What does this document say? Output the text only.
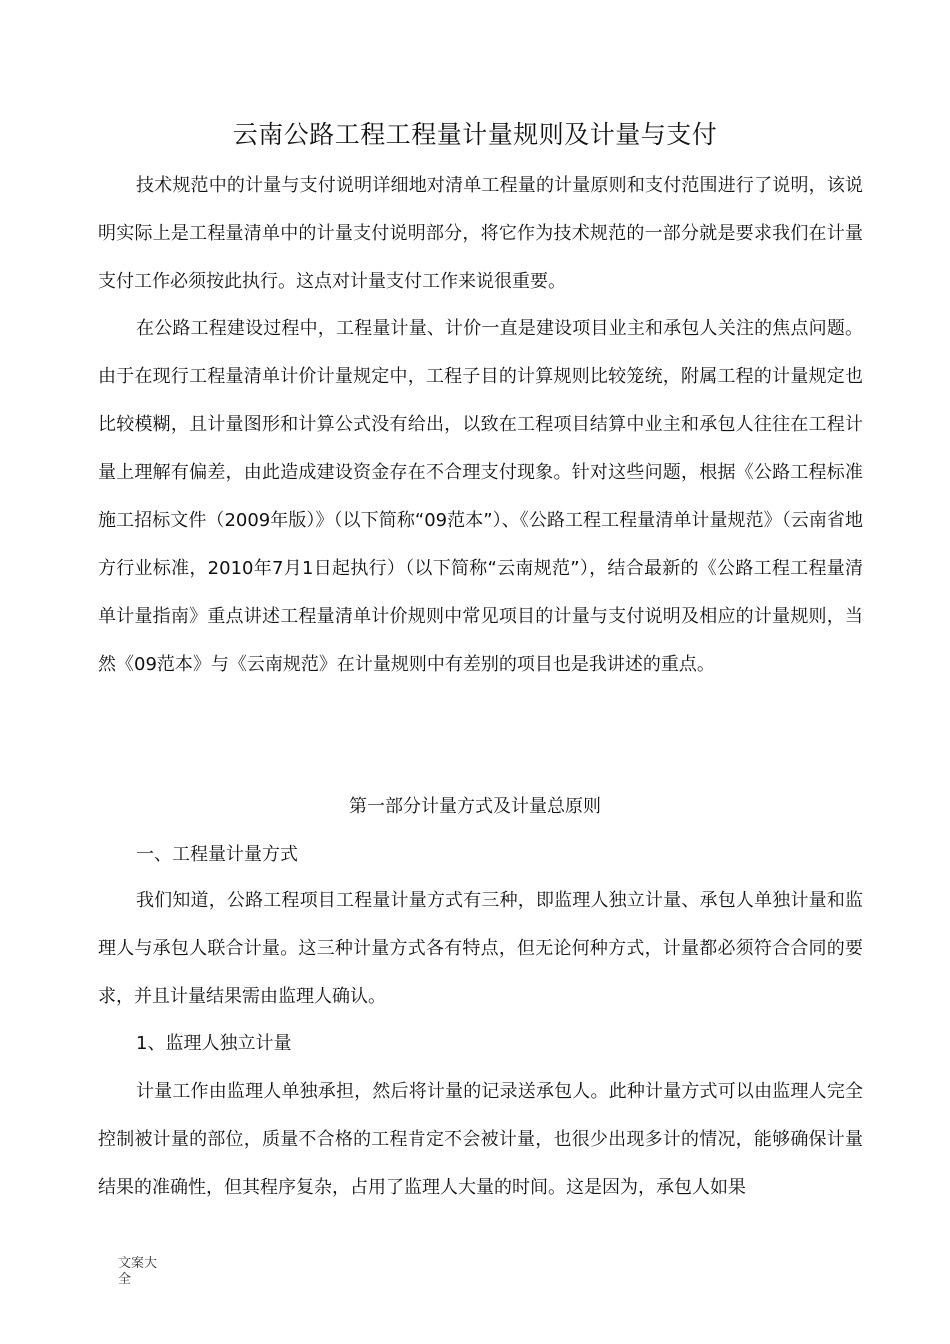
云南公路工程工程量计量规则及计量与支付

技术规范中的计量与支付说明详细地对清单工程量的计量原则和支付范围进行了说明，该说明实际上是工程量清单中的计量支付说明部分，将它作为技术规范的一部分就是要求我们在计量支付工作必须按此执行。这点对计量支付工作来说很重要。

在公路工程建设过程中，工程量计量、计价一直是建设项目业主和承包人关注的焦点问题。由于在现行工程量清单计价计量规定中，工程子目的计算规则比较笼统，附属工程的计量规定也比较模糊，且计量图形和计算公式没有给出，以致在工程项目结算中业主和承包人往往在工程计量上理解有偏差，由此造成建设资金存在不合理支付现象。针对这些问题，根据《公路工程标准施工招标文件（2009年版）》（以下简称“09范本”）、《公路工程工程量清单计量规范》（云南省地方行业标准，2010年7月1日起执行）（以下简称“云南规范”），结合最新的《公路工程工程量清单计量指南》重点讲述工程量清单计价规则中常见项目的计量与支付说明及相应的计量规则，当然《09范本》与《云南规范》在计量规则中有差别的项目也是我讲述的重点。

第一部分计量方式及计量总原则
一、工程量计量方式

我们知道，公路工程项目工程量计量方式有三种，即监理人独立计量、承包人单独计量和监理人与承包人联合计量。这三种计量方式各有特点，但无论何种方式，计量都必须符合合同的要求，并且计量结果需由监理人确认。

1、监理人独立计量

计量工作由监理人单独承担，然后将计量的记录送承包人。此种计量方式可以由监理人完全控制被计量的部位，质量不合格的工程肯定不会被计量，也很少出现多计的情况，能够确保计量结果的准确性，但其程序复杂，占用了监理人大量的时间。这是因为，承包人如果

文案大全
